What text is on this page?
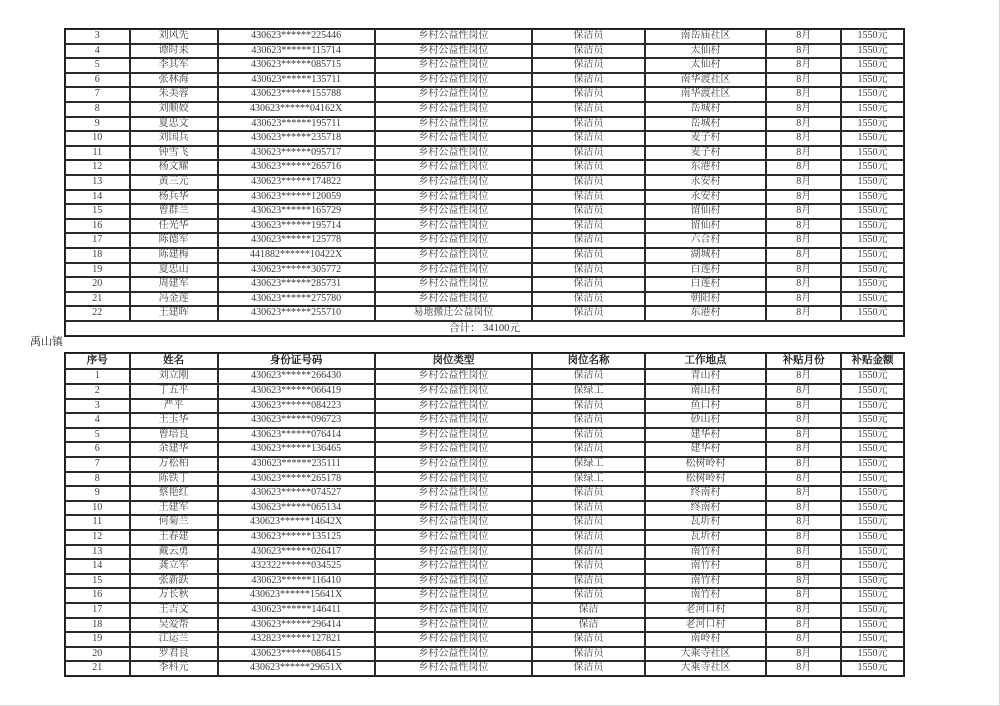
3	刘风先	430623******225446	乡村公益性岗位	保洁员	南岳庙社区	8月	1550元
4	谭时来	430623******115714	乡村公益性岗位	保洁员	太仙村	8月	1550元
5	李其军	430623******085715	乡村公益性岗位	保洁员	太仙村	8月	1550元
6	张林海	430623******135711	乡村公益性岗位	保洁员	南华渡社区	8月	1550元
7	朱美蓉	430623******155788	乡村公益性岗位	保洁员	南华渡社区	8月	1550元
8	刘顺姣	430623******04162X	乡村公益性岗位	保洁员	岳城村	8月	1550元
9	夏忠文	430623******195711	乡村公益性岗位	保洁员	岳城村	8月	1550元
10	刘国兵	430623******235718	乡村公益性岗位	保洁员	麦子村	8月	1550元
11	钟雪飞	430623******095717	乡村公益性岗位	保洁员	麦子村	8月	1550元
12	杨文耀	430623******265716	乡村公益性岗位	保洁员	东港村	8月	1550元
13	黄三元	430623******174822	乡村公益性岗位	保洁员	永安村	8月	1550元
14	杨兵华	430623******120059	乡村公益性岗位	保洁员	永安村	8月	1550元
15	曾群兰	430623******165729	乡村公益性岗位	保洁员	留仙村	8月	1550元
16	任光华	430623******195714	乡村公益性岗位	保洁员	留仙村	8月	1550元
17	陈德军	430623******125778	乡村公益性岗位	保洁员	六合村	8月	1550元
18	陈建梅	441882******10422X	乡村公益性岗位	保洁员	湖城村	8月	1550元
19	夏忠山	430623******305772	乡村公益性岗位	保洁员	白莲村	8月	1550元
20	周建军	430623******285731	乡村公益性岗位	保洁员	白莲村	8月	1550元
21	冯金莲	430623******275780	乡村公益性岗位	保洁员	朝阳村	8月	1550元
22	王建晖	430623******255710	易地搬迁公益岗位	保洁员	东港村	8月	1550元
合计： 34100元							
禹山镇
序号	姓名	身份证号码	岗位类型	岗位名称	工作地点	补贴月份	补贴金额
1	刘立刚	430623******266430	乡村公益性岗位	保洁员	青山村	8月	1550元
2	丁五平	430623******066419	乡村公益性岗位	保绿工	南山村	8月	1550元
3	严平	430623******084223	乡村公益性岗位	保洁员	鱼口村	8月	1550元
4	王玉华	430623******096723	乡村公益性岗位	保洁员	砂山村	8月	1550元
5	曾培良	430623******076414	乡村公益性岗位	保洁员	建华村	8月	1550元
6	余建华	430623******136465	乡村公益性岗位	保洁员	建华村	8月	1550元
7	万松柏	430623******235111	乡村公益性岗位	保绿工	松树岭村	8月	1550元
8	陈铁丁	430623******265178	乡村公益性岗位	保绿工	松树岭村	8月	1550元
9	蔡艳红	430623******074527	乡村公益性岗位	保洁员	终南村	8月	1550元
10	王建军	430623******065134	乡村公益性岗位	保洁员	终南村	8月	1550元
11	何菊兰	430623******14642X	乡村公益性岗位	保洁员	瓦圻村	8月	1550元
12	王春建	430623******135125	乡村公益性岗位	保洁员	瓦圻村	8月	1550元
13	戴云勇	430623******026417	乡村公益性岗位	保洁员	南竹村	8月	1550元
14	龚立军	432322******034525	乡村公益性岗位	保洁员	南竹村	8月	1550元
15	张新跃	430623******116410	乡村公益性岗位	保洁员	南竹村	8月	1550元
16	万长秋	430623******15641X	乡村公益性岗位	保洁员	南竹村	8月	1550元
17	王吉文	430623******146411	乡村公益性岗位	保洁	老河口村	8月	1550元
18	吴爱帮	430623******296414	乡村公益性岗位	保洁	老河口村	8月	1550元
19	江运兰	432823******127821	乡村公益性岗位	保洁员	南岭村	8月	1550元
20	罗君良	430623******086415	乡村公益性岗位	保洁员	大乘寺社区	8月	1550元
21	李科元	430623******29651X	乡村公益性岗位	保洁员	大乘寺社区	8月	1550元
